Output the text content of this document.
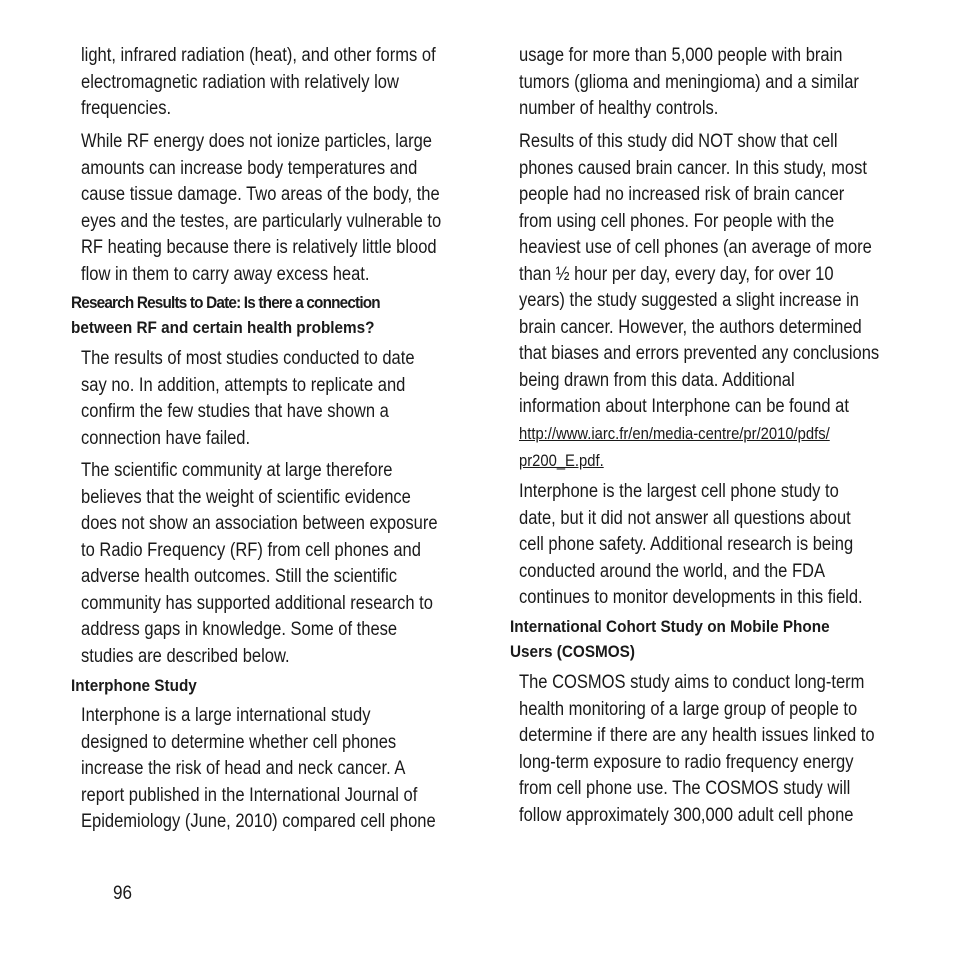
light, infrared radiation (heat), and other forms of
electromagnetic radiation with relatively low
frequencies.
While RF energy does not ionize particles, large
amounts can increase body temperatures and
cause tissue damage. Two areas of the body, the
eyes and the testes, are particularly vulnerable to
RF heating because there is relatively little blood
flow in them to carry away excess heat.
Research Results to Date: Is there a connection
between RF and certain health problems?
The results of most studies conducted to date
say no. In addition, attempts to replicate and
confirm the few studies that have shown a
connection have failed.
The scientific community at large therefore
believes that the weight of scientific evidence
does not show an association between exposure
to Radio Frequency (RF) from cell phones and
adverse health outcomes. Still the scientific
community has supported additional research to
address gaps in knowledge. Some of these
studies are described below.
Interphone Study
Interphone is a large international study
designed to determine whether cell phones
increase the risk of head and neck cancer. A
report published in the International Journal of
Epidemiology (June, 2010) compared cell phone
usage for more than 5,000 people with brain
tumors (glioma and meningioma) and a similar
number of healthy controls.
Results of this study did NOT show that cell
phones caused brain cancer. In this study, most
people had no increased risk of brain cancer
from using cell phones. For people with the
heaviest use of cell phones (an average of more
than ½ hour per day, every day, for over 10
years) the study suggested a slight increase in
brain cancer. However, the authors determined
that biases and errors prevented any conclusions
being drawn from this data. Additional
information about Interphone can be found at
http://www.iarc.fr/en/media-centre/pr/2010/pdfs/
pr200_E.pdf.
Interphone is the largest cell phone study to
date, but it did not answer all questions about
cell phone safety. Additional research is being
conducted around the world, and the FDA
continues to monitor developments in this field.
International Cohort Study on Mobile Phone
Users (COSMOS)
The COSMOS study aims to conduct long-term
health monitoring of a large group of people to
determine if there are any health issues linked to
long-term exposure to radio frequency energy
from cell phone use. The COSMOS study will
follow approximately 300,000 adult cell phone
96
